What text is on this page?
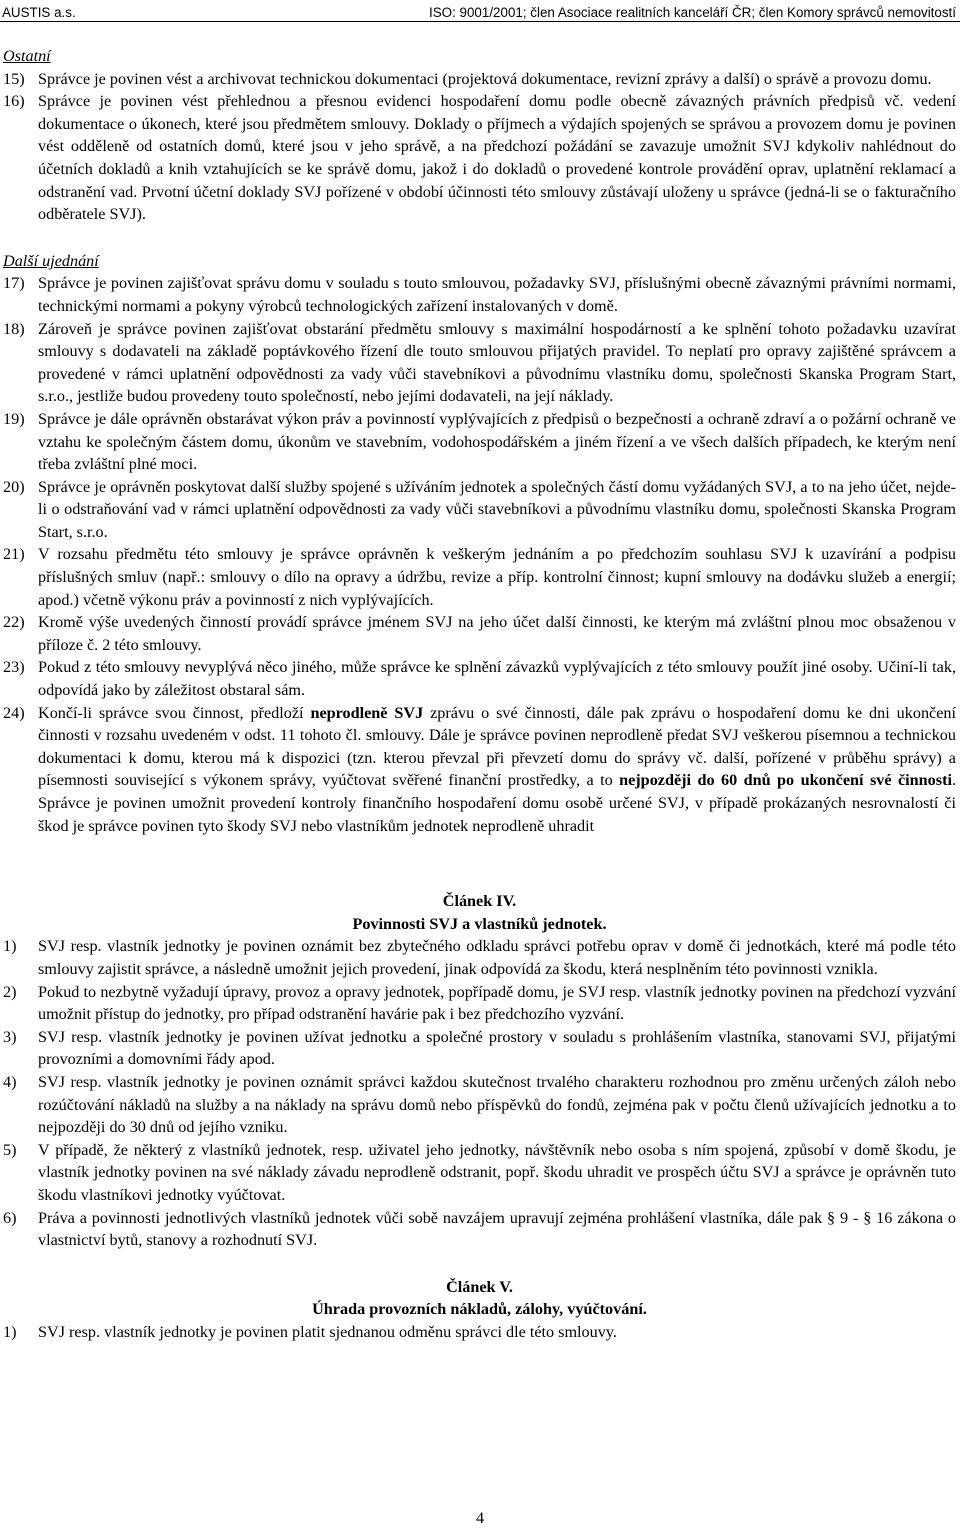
AUSTIS a.s.	ISO: 9001/2001; člen Asociace realitních kanceláří ČR; člen Komory správců nemovitostí
Ostatní
15) Správce je povinen vést a archivovat technickou dokumentaci (projektová dokumentace, revizní zprávy a další) o správě a provozu domu.
16) Správce je povinen vést přehlednou a přesnou evidenci hospodaření domu podle obecně závazných právních předpisů vč. vedení dokumentace o úkonech, které jsou předmětem smlouvy. Doklady o příjmech a výdajích spojených se správou a provozem domu je povinen vést odděleně od ostatních domů, které jsou v jeho správě, a na předchozí požádání se zavazuje umožnit SVJ kdykoliv nahlédnout do účetních dokladů a knih vztahujících se ke správě domu, jakož i do dokladů o provedené kontrole provádění oprav, uplatnění reklamací a odstranění vad. Prvotní účetní doklady SVJ pořízené v období účinnosti této smlouvy zůstávají uloženy u správce (jedná-li se o fakturačního odběratele SVJ).
Další ujednání
17) Správce je povinen zajišťovat správu domu v souladu s touto smlouvou, požadavky SVJ, příslušnými obecně závaznými právními normami, technickými normami a pokyny výrobců technologických zařízení instalovaných v domě.
18) Zároveň je správce povinen zajišťovat obstarání předmětu smlouvy s maximální hospodárností a ke splnění tohoto požadavku uzavírat smlouvy s dodavateli na základě poptávkového řízení dle touto smlouvou přijatých pravidel. To neplatí pro opravy zajištěné správcem a provedené v rámci uplatnění odpovědnosti za vady vůči stavebníkovi a původnímu vlastníku domu, společnosti Skanska Program Start, s.r.o., jestliže budou provedeny touto společností, nebo jejími dodavateli, na její náklady.
19) Správce je dále oprávněn obstarávat výkon práv a povinností vyplývajících z předpisů o bezpečnosti a ochraně zdraví a o požární ochraně ve vztahu ke společným částem domu, úkonům ve stavebním, vodohospodářském a jiném řízení a ve všech dalších případech, ke kterým není třeba zvláštní plné moci.
20) Správce je oprávněn poskytovat další služby spojené s užíváním jednotek a společných částí domu vyžádaných SVJ, a to na jeho účet, nejde-li o odstraňování vad v rámci uplatnění odpovědnosti za vady vůči stavebníkovi a původnímu vlastníku domu, společnosti Skanska Program Start, s.r.o.
21) V rozsahu předmětu této smlouvy je správce oprávněn k veškerým jednáním a po předchozím souhlasu SVJ k uzavírání a podpisu příslušných smluv (např.: smlouvy o dílo na opravy a údržbu, revize a příp. kontrolní činnost; kupní smlouvy na dodávku služeb a energií; apod.) včetně výkonu práv a povinností z nich vyplývajících.
22) Kromě výše uvedených činností provádí správce jménem SVJ na jeho účet další činnosti, ke kterým má zvláštní plnou moc obsaženou v příloze č. 2 této smlouvy.
23) Pokud z této smlouvy nevyplývá něco jiného, může správce ke splnění závazků vyplývajících z této smlouvy použít jiné osoby. Učiní-li tak, odpovídá jako by záležitost obstaral sám.
24) Končí-li správce svou činnost, předloží neprodleně SVJ zprávu o své činnosti, dále pak zprávu o hospodaření domu ke dni ukončení činnosti v rozsahu uvedeném v odst. 11 tohoto čl. smlouvy. Dále je správce povinen neprodleně předat SVJ veškerou písemnou a technickou dokumentaci k domu, kterou má k dispozici (tzn. kterou převzal při převzetí domu do správy vč. další, pořízené v průběhu správy) a písemnosti související s výkonem správy, vyúčtovat svěřené finanční prostředky, a to nejpozději do 60 dnů po ukončení své činnosti. Správce je povinen umožnit provedení kontroly finančního hospodaření domu osobě určené SVJ, v případě prokázaných nesrovnalostí či škod je správce povinen tyto škody SVJ nebo vlastníkům jednotek neprodleně uhradit
Článek IV.
Povinnosti SVJ a vlastníků jednotek.
1)	SVJ resp. vlastník jednotky je povinen oznámit bez zbytečného odkladu správci potřebu oprav v domě či jednotkách, které má podle této smlouvy zajistit správce, a následně umožnit jejich provedení, jinak odpovídá za škodu, která nesplněním této povinnosti vznikla.
2)	Pokud to nezbytně vyžadují úpravy, provoz a opravy jednotek, popřípadě domu, je SVJ resp. vlastník jednotky povinen na předchozí vyzvání umožnit přístup do jednotky, pro případ odstranění havárie pak i bez předchozího vyzvání.
3)	SVJ resp. vlastník jednotky je povinen užívat jednotku a společné prostory v souladu s prohlášením vlastníka, stanovami SVJ, přijatými provozními a domovními řády apod.
4)	SVJ resp. vlastník jednotky je povinen oznámit správci každou skutečnost trvalého charakteru rozhodnou pro změnu určených záloh nebo rozúčtování nákladů na služby a na náklady na správu domů nebo příspěvků do fondů, zejména pak v počtu členů užívajících jednotku a to nejpozději do 30 dnů od jejího vzniku.
5)	V případě, že některý z vlastníků jednotek, resp. uživatel jeho jednotky, návštěvník nebo osoba s ním spojená, způsobí v domě škodu, je vlastník jednotky povinen na své náklady závadu neprodleně odstranit, popř. škodu uhradit ve prospěch účtu SVJ a správce je oprávněn tuto škodu vlastníkovi jednotky vyúčtovat.
6)	Práva a povinnosti jednotlivých vlastníků jednotek vůči sobě navzájem upravují zejména prohlášení vlastníka, dále pak § 9 - § 16 zákona o vlastnictví bytů, stanovy a rozhodnutí SVJ.
Článek V.
Úhrada provozních nákladů, zálohy, vyúčtování.
1)	SVJ resp. vlastník jednotky je povinen platit sjednanou odměnu správci dle této smlouvy.
4
